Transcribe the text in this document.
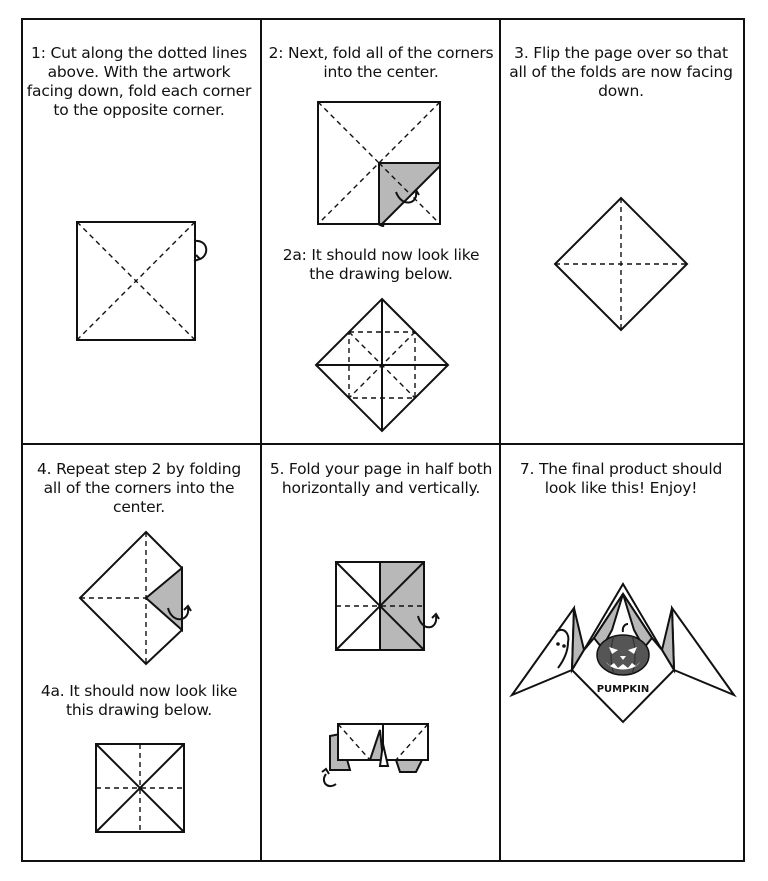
1: Cut along the dotted lines above. With the artwork facing down, fold each corner to the opposite corner.
2: Next, fold all of the corners into the center.
2a: It should now look like the drawing below.
3. Flip the page over so that all of the folds are now facing down.
4. Repeat step 2 by folding all of the corners into the center.
4a. It should now look like this drawing below.
5. Fold your page in half both horizontally and vertically.
7. The final product should look like this! Enjoy!
PUMPKIN
